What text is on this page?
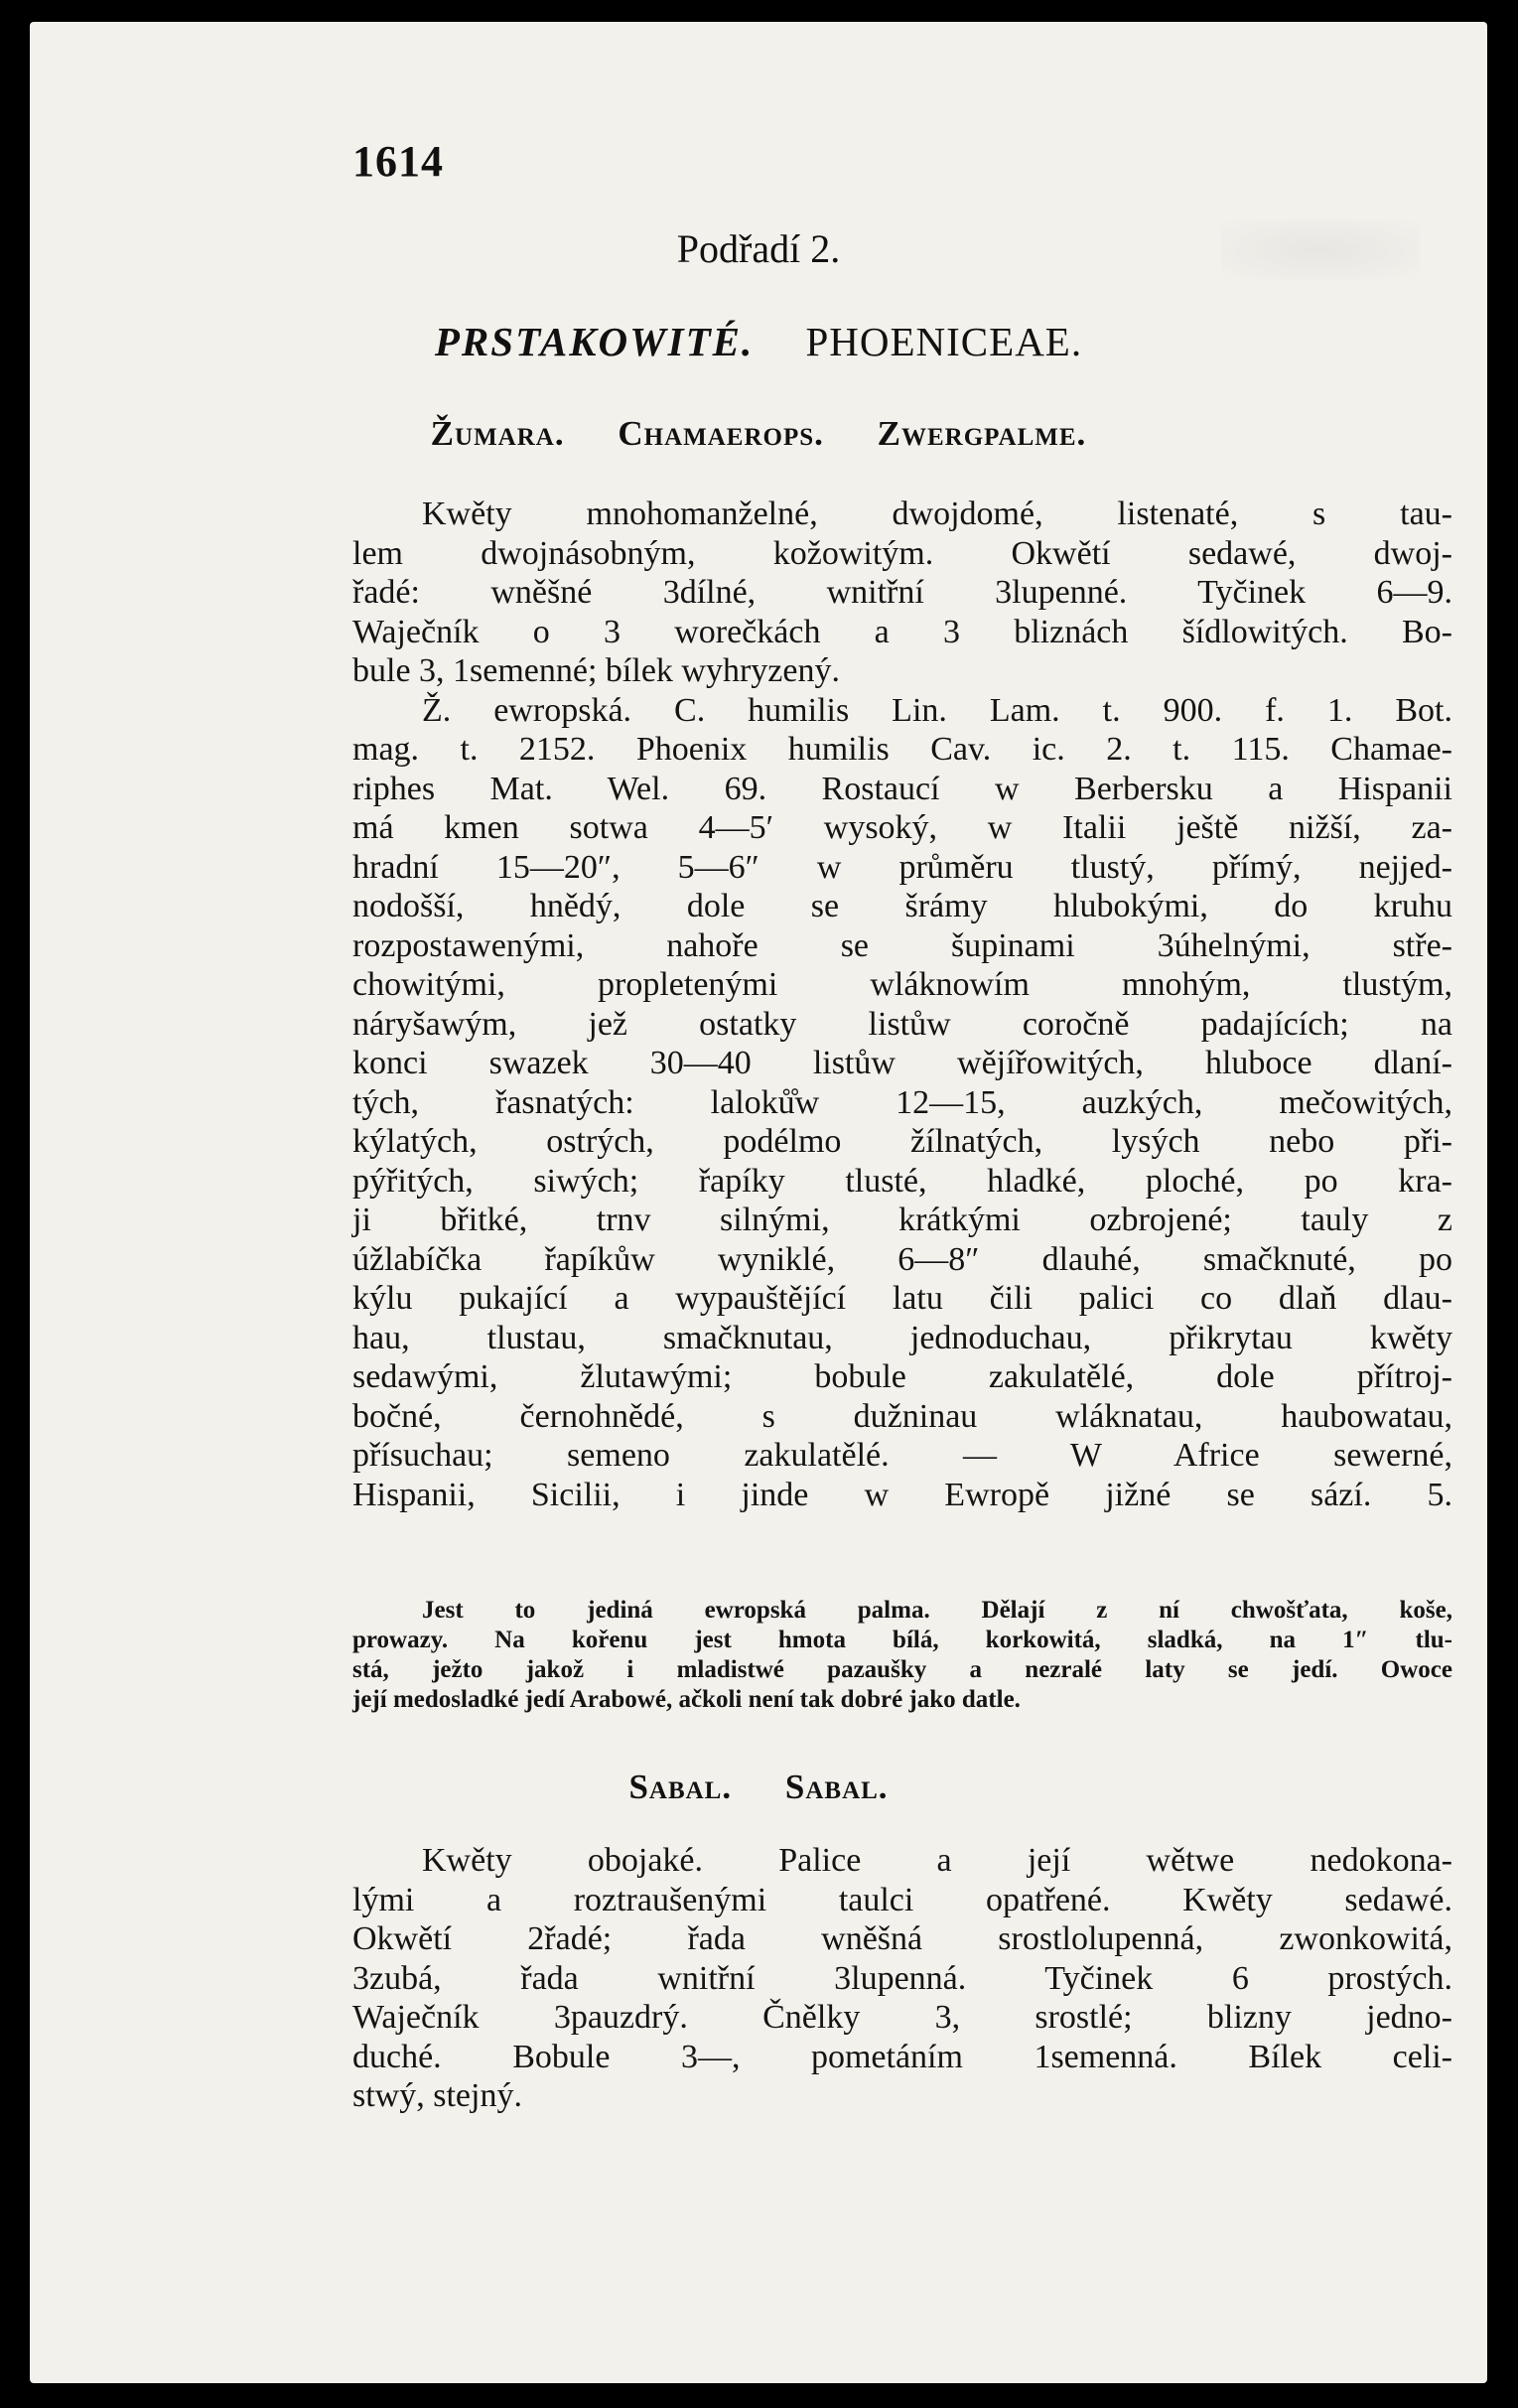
1614
Podřadí 2.
PRSTAKOWITÉ. PHOENICEAE.
Žumara. Chamaerops. Zwergpalme.
Kwěty mnohomanželné, dwojdomé, listenaté, s tau-
lem dwojnásobným, kožowitým. Okwětí sedawé, dwoj-
řadé: wněšné 3dílné, wnitřní 3lupenné. Tyčinek 6—9.
Waječník o 3 worečkách a 3 bliznách šídlowitých. Bo-
bule 3, 1semenné; bílek wyhryzený.
Ž. ewropská. C. humilis Lin. Lam. t. 900. f. 1. Bot.
mag. t. 2152. Phoenix humilis Cav. ic. 2. t. 115. Chamae-
riphes Mat. Wel. 69. Rostaucí w Berbersku a Hispanii
má kmen sotwa 4—5′ wysoký, w Italii ještě nižší, za-
hradní 15—20″, 5—6″ w průměru tlustý, přímý, nejjed-
nodošší, hnědý, dole se šrámy hlubokými, do kruhu
rozpostawenými, nahoře se šupinami 3úhelnými, stře-
chowitými, propletenými wláknowím mnohým, tlustým,
náryšawým, jež ostatky listůw coročně padajících; na
konci swazek 30—40 listůw wějířowitých, hluboce dlaní-
tých, řasnatých: laloků̊w 12—15, auzkých, mečowitých,
kýlatých, ostrých, podélmo žílnatých, lysých nebo při-
pýřitých, siwých; řapíky tlusté, hladké, ploché, po kra-
ji břitké, trnv silnými, krátkými ozbrojené; tauly z
úžlabíčka řapíkůw wyniklé, 6—8″ dlauhé, smačknuté, po
kýlu pukající a wypauštějící latu čili palici co dlaň dlau-
hau, tlustau, smačknutau, jednoduchau, přikrytau kwěty
sedawými, žlutawými; bobule zakulatělé, dole přítroj-
bočné, černohnědé, s dužninau wláknatau, haubowatau,
přísuchau; semeno zakulatělé. — W Africe sewerné,
Hispanii, Sicilii, i jinde w Ewropě jižné se sází. 5.
Jest to jediná ewropská palma. Dělají z ní chwošťata, koše,
prowazy. Na kořenu jest hmota bílá, korkowitá, sladká, na 1″ tlu-
stá, ježto jakož i mladistwé pazaušky a nezralé laty se jedí. Owoce
její medosladké jedí Arabowé, ačkoli není tak dobré jako datle.
Sabal. Sabal.
Kwěty obojaké. Palice a její wětwe nedokona-
lými a roztraušenými taulci opatřené. Kwěty sedawé.
Okwětí 2řadé; řada wněšná srostlolupenná, zwonkowitá,
3zubá, řada wnitřní 3lupenná. Tyčinek 6 prostých.
Waječník 3pauzdrý. Čnělky 3, srostlé; blizny jedno-
duché. Bobule 3—, pometáním 1semenná. Bílek celi-
stwý, stejný.
